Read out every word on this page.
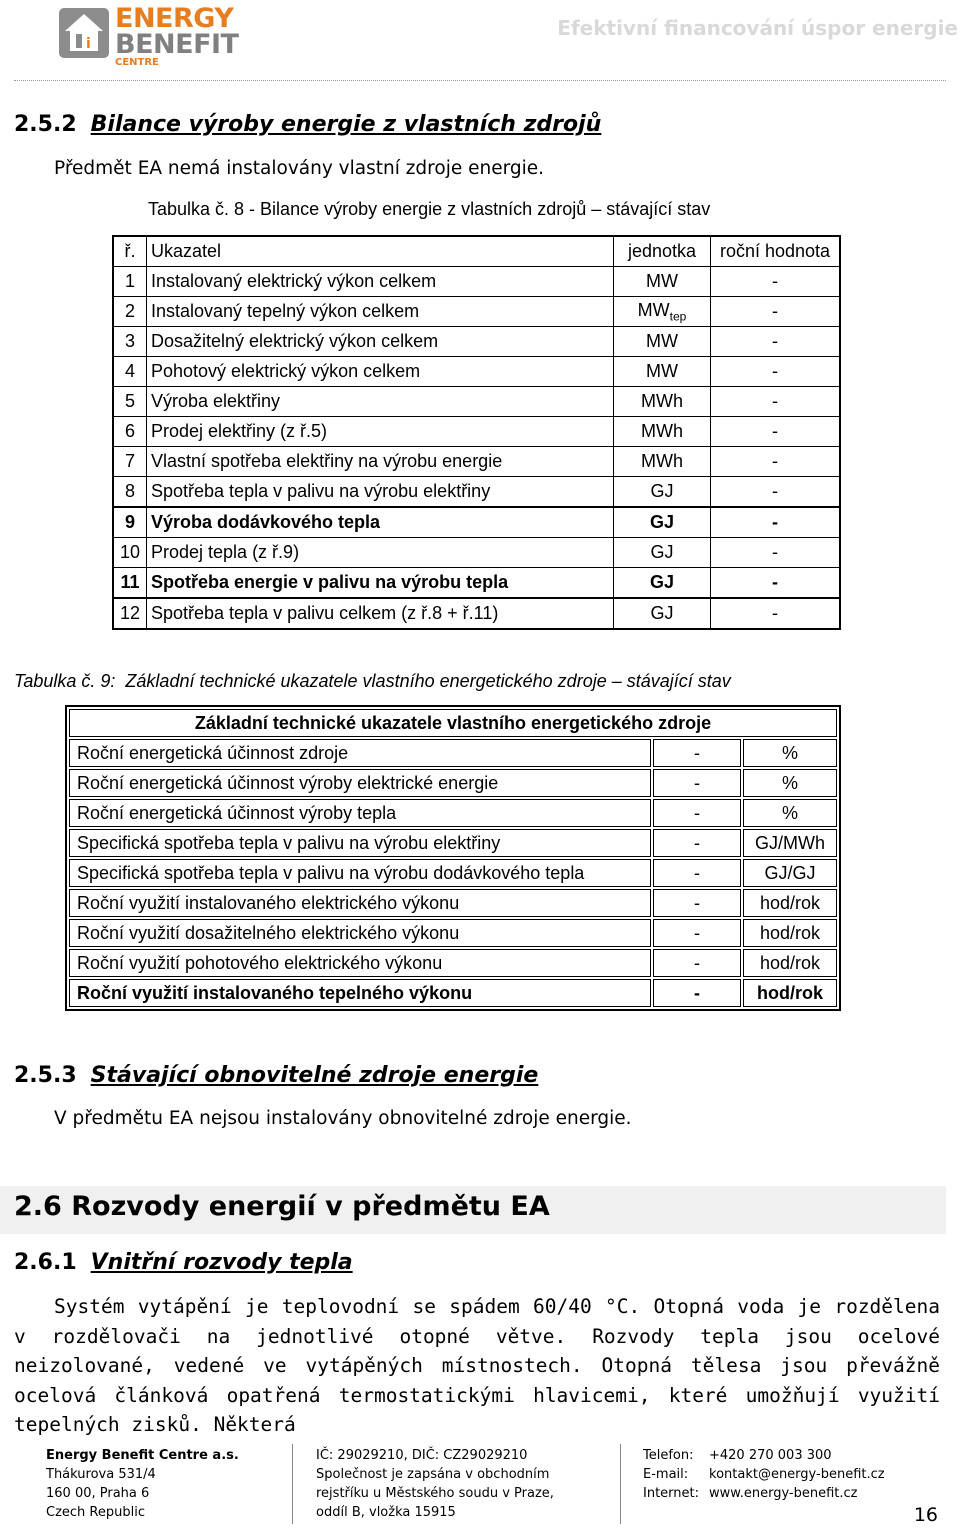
i
ENERGY
BENEFIT
CENTRE
Efektivní financování úspor energie
2.5.2 Bilance výroby energie z vlastních zdrojů
Předmět EA nemá instalovány vlastní zdroje energie.
Tabulka č. 8 - Bilance výroby energie z vlastních zdrojů – stávající stav
ř.	Ukazatel	jednotka	roční hodnota
1	Instalovaný elektrický výkon celkem	MW	-
2	Instalovaný tepelný výkon celkem	$MW_{tep}$	-
3	Dosažitelný elektrický výkon celkem	MW	-
4	Pohotový elektrický výkon celkem	MW	-
5	Výroba elektřiny	MWh	-
6	Prodej elektřiny (z ř.5)	MWh	-
7	Vlastní spotřeba elektřiny na výrobu energie	MWh	-
8	Spotřeba tepla v palivu na výrobu elektřiny	GJ	-
9	Výroba dodávkového tepla	GJ	-
10	Prodej tepla (z ř.9)	GJ	-
11	Spotřeba energie v palivu na výrobu tepla	GJ	-
12	Spotřeba tepla v palivu celkem (z ř.8 + ř.11)	GJ	-
Tabulka č. 9: Základní technické ukazatele vlastního energetického zdroje – stávající stav
Základní technické ukazatele vlastního energetického zdroje		
Roční energetická účinnost zdroje	-	%
Roční energetická účinnost výroby elektrické energie	-	%
Roční energetická účinnost výroby tepla	-	%
Specifická spotřeba tepla v palivu na výrobu elektřiny	-	GJ/MWh
Specifická spotřeba tepla v palivu na výrobu dodávkového tepla	-	GJ/GJ
Roční využití instalovaného elektrického výkonu	-	hod/rok
Roční využití dosažitelného elektrického výkonu	-	hod/rok
Roční využití pohotového elektrického výkonu	-	hod/rok
Roční využití instalovaného tepelného výkonu	-	hod/rok
2.5.3 Stávající obnovitelné zdroje energie
V předmětu EA nejsou instalovány obnovitelné zdroje energie.
2.6 Rozvody energií v předmětu EA
2.6.1 Vnitřní rozvody tepla
Systém vytápění je teplovodní se spádem 60/40 °C. Otopná voda je rozdělena v rozdělovači na jednotlivé otopné větve. Rozvody tepla jsou ocelové neizolované, vedené ve vytápěných místnostech. Otopná tělesa jsou převážně ocelová článková opatřená termostatickými hlavicemi, které umožňují využití tepelných zisků. Některá
Energy Benefit Centre a.s.
Thákurova 531/4
160 00, Praha 6
Czech Republic
IČ: 29029210, DIČ: CZ29029210
Společnost je zapsána v obchodním
rejstříku u Městského soudu v Praze,
oddíl B, vložka 15915
Telefon: +420 270 003 300
E-mail: kontakt@energy-benefit.cz
Internet: www.energy-benefit.cz
16
